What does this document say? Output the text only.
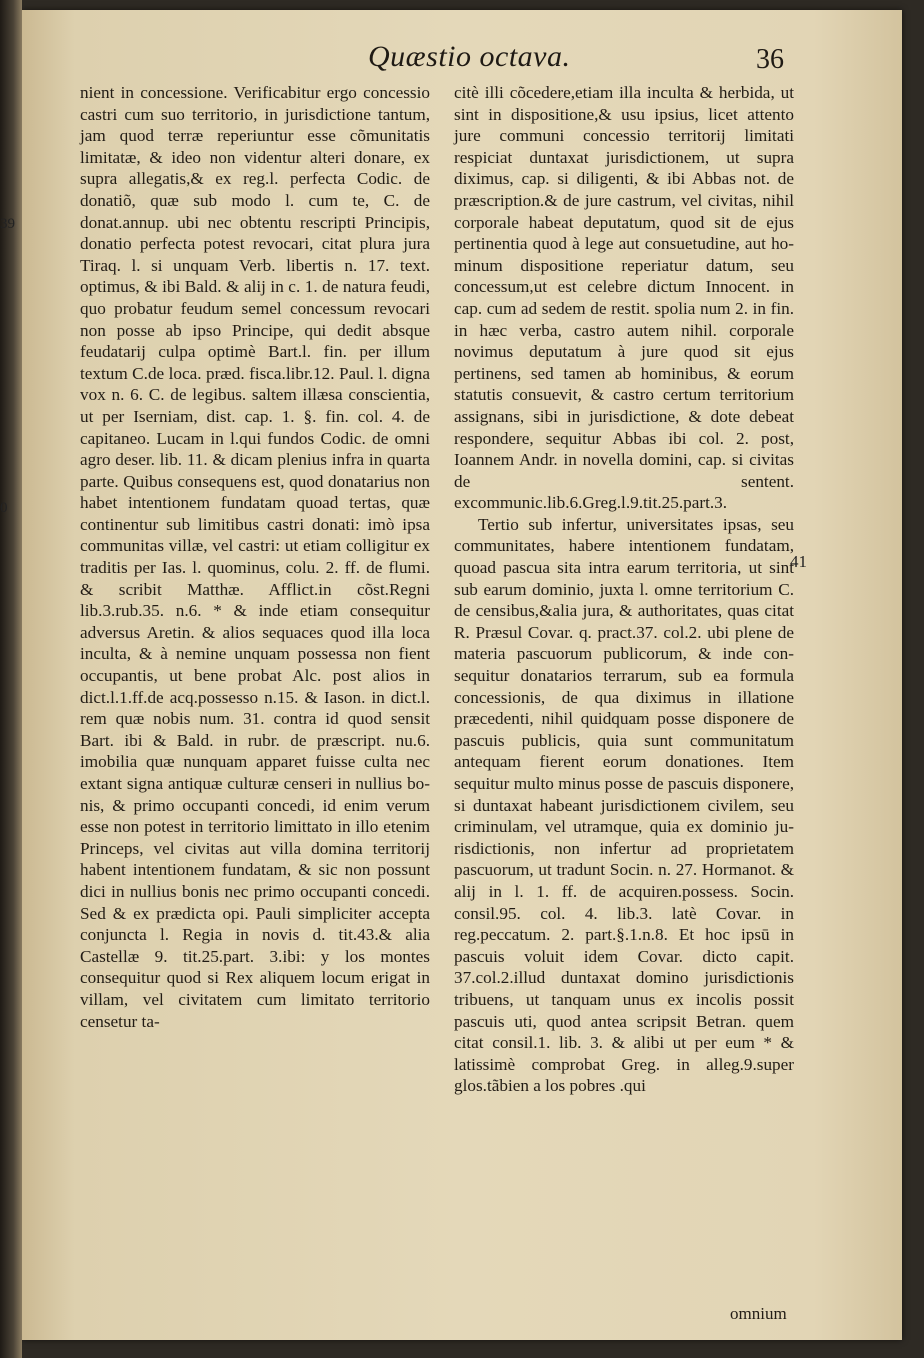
Quæstio octava.	36
39
0
41

nient in concessione. Verificabitur ergo concessio castri cum suo territorio, in jurisdictione tantum, jam quod terræ reperiuntur esse cõmunitatis limitatæ, & ideo non videntur alteri donare, ex supra allegatis,& ex reg.l. perfecta Codic. de donatiõ, quæ sub modo l. cum te, C. de donat.annup. ubi nec obtentu rescripti Principis, donatio perfecta potest revocari, citat plura jura Tiraq. l. si unquam Verb. libertis n. 17. text. optimus, & ibi Bald. & alij in c. 1. de natura feudi, quo probatur feudum semel concessum revocari non posse ab ipso Principe, qui dedit absque feudatarij culpa optimè Bart.l. fin. per illum textum C.de loca. præd. fisca.libr.12. Paul. l. digna vox n. 6. C. de legibus. saltem illæsa conscientia, ut per Iserniam, dist. cap. 1. §. fin. col. 4. de capitaneo. Lucam in l.qui fundos Codic. de omni agro deser. lib. 11. & dicam plenius infra in quarta parte. Quibus consequens est, quod donatarius non habet intentionem fundatam quoad tertas, quæ continentur sub limitibus castri donati: imò ipsa communitas villæ, vel castri: ut etiam colligitur ex traditis per Ias. l. quominus, colu. 2. ff. de flumi. & scribit Matthæ. Afflict.in cõst.Regni lib.3.rub.35. n.6. * & inde etiam consequitur adversus Aretin. & alios sequaces quod illa loca inculta, & à nemine unquam possessa non fient occupantis, ut bene probat Alc. post alios in dict.l.1.ff.de acq.possesso n.15. & Iason. in dict.l. rem quæ nobis num. 31. contra id quod sensit Bart. ibi & Bald. in rubr. de præscript. nu.6. imobilia quæ nunquam apparet fuisse culta nec extant signa antiquæ culturæ censeri in nullius bonis, & primo occupanti concedi, id enim verum esse non potest in territorio limittato in illo etenim Princeps, vel civitas aut villa domina territorij habent intentionem fundatam, & sic non possunt dici in nullius bonis nec primo occupanti concedi. Sed & ex prædicta opi. Pauli simpliciter accepta conjuncta l. Regia in novis d. tit.43.& alia Castellæ 9. tit.25.part. 3.ibi: y los montes consequitur quod si Rex aliquem locum erigat in villam, vel civitatem cum limitato territorio censetur ta-

citè illi cõcedere,etiam illa inculta & herbida, ut sint in dispositione,& usu ipsius, licet attento jure communi concessio territorij limitati respiciat duntaxat jurisdictionem, ut supra diximus, cap. si diligenti, & ibi Abbas not. de præscription.& de jure castrum, vel civitas, nihil corporale habeat deputatum, quod sit de ejus pertinentia quod à lege aut consuetudine, aut hominum dispositione reperiatur datum, seu concessum,ut est celebre dictum Innocent. in cap. cum ad sedem de restit. spolia num 2. in fin. in hæc verba, castro autem nihil. corporale novimus deputatum à jure quod sit ejus pertinens, sed tamen ab hominibus, & eorum statutis consuevit, & castro certum territorium assignans, sibi in jurisdictione, & dote debeat respondere, sequitur Abbas ibi col. 2. post, Ioannem Andr. in novella domini, cap. si civitas de sentent. excommunic.lib.6.Greg.l.9.tit.25.part.3.

Tertio sub infertur, universitates ipsas, seu communitates, habere intentionem fundatam, quoad pascua sita intra earum territoria, ut sint sub earum dominio, juxta l. omne territorium C. de censibus,&alia jura, & authoritates, quas citat R. Præsul Covar. q. pract.37. col.2. ubi plene de materia pascuorum publicorum, & inde consequitur donatarios terrarum, sub ea formula concessionis, de qua diximus in illatione præcedenti, nihil quidquam posse disponere de pascuis publicis, quia sunt communitatum antequam fierent eorum donationes. Item sequitur multo minus posse de pascuis disponere, si duntaxat habeant jurisdictionem civilem, seu criminulam, vel utramque, quia ex dominio jurisdictionis, non infertur ad proprietatem pascuorum, ut tradunt Socin. n. 27. Hormanot. & alij in l. 1. ff. de acquiren.possess. Socin. consil.95. col. 4. lib.3. latè Covar. in reg.peccatum. 2. part.§.1.n.8. Et hoc ipsū in pascuis voluit idem Covar. dicto capit. 37.col.2.illud duntaxat domino jurisdictionis tribuens, ut tanquam unus ex incolis possit pascuis uti, quod antea scripsit Betran. quem citat consil.1. lib. 3. & alibi ut per eum * & latissimè comprobat Greg. in alleg.9.super glos.tãbien a los pobres .qui

omnium
